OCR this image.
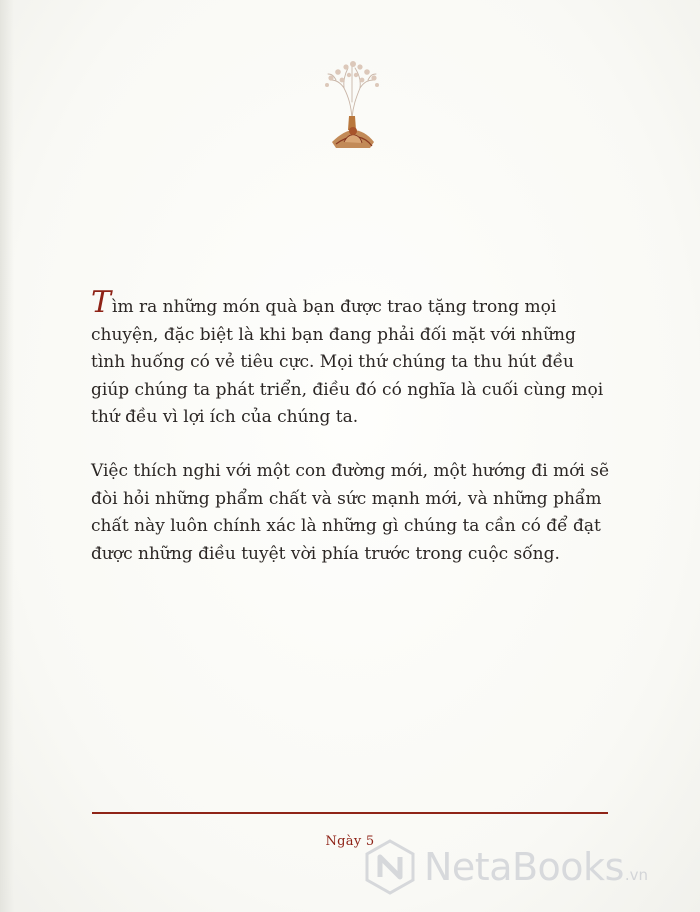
Tìm ra những món quà bạn được trao tặng trong mọi chuyện, đặc biệt là khi bạn đang phải đối mặt với những tình huống có vẻ tiêu cực. Mọi thứ chúng ta thu hút đều giúp chúng ta phát triển, điều đó có nghĩa là cuối cùng mọi thứ đều vì lợi ích của chúng ta.

Việc thích nghi với một con đường mới, một hướng đi mới sẽ đòi hỏi những phẩm chất và sức mạnh mới, và những phẩm chất này luôn chính xác là những gì chúng ta cần có để đạt được những điều tuyệt vời phía trước trong cuộc sống.

Ngày 5
NetaBooks.vn
